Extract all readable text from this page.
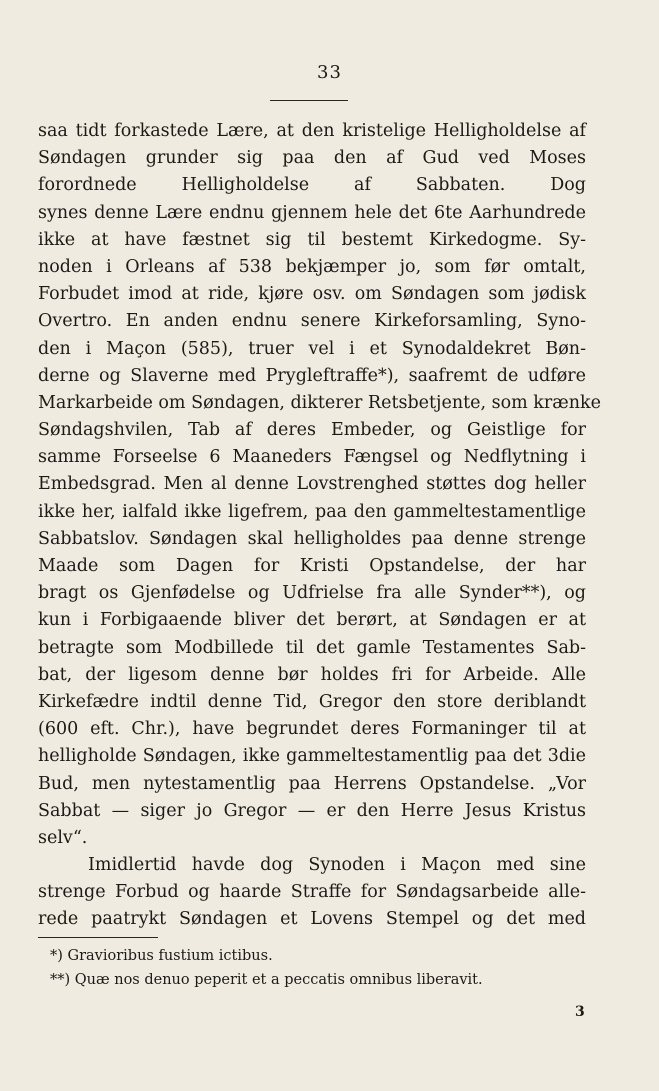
33
saa tidt forkastede Lære, at den kristelige Helligholdelse af
Søndagen grunder sig paa den af Gud ved Moses
forordnede Helligholdelse af Sabbaten. Dog
synes denne Lære endnu gjennem hele det 6te Aarhundrede
ikke at have fæstnet sig til bestemt Kirkedogme. Sy-
noden i Orleans af 538 bekjæmper jo, som før omtalt,
Forbudet imod at ride, kjøre osv. om Søndagen som jødisk
Overtro. En anden endnu senere Kirkeforsamling, Syno-
den i Maçon (585), truer vel i et Synodaldekret Bøn-
derne og Slaverne med Prygleftraffe*), saafremt de udføre
Markarbeide om Søndagen, dikterer Retsbetjente, som krænke
Søndagshvilen, Tab af deres Embeder, og Geistlige for
samme Forseelse 6 Maaneders Fængsel og Nedflytning i
Embedsgrad. Men al denne Lovstrenghed støttes dog heller
ikke her, ialfald ikke ligefrem, paa den gammeltestamentlige
Sabbatslov. Søndagen skal helligholdes paa denne strenge
Maade som Dagen for Kristi Opstandelse, der har
bragt os Gjenfødelse og Udfrielse fra alle Synder**), og
kun i Forbigaaende bliver det berørt, at Søndagen er at
betragte som Modbillede til det gamle Testamentes Sab-
bat, der ligesom denne bør holdes fri for Arbeide. Alle
Kirkefædre indtil denne Tid, Gregor den store deriblandt
(600 eft. Chr.), have begrundet deres Formaninger til at
helligholde Søndagen, ikke gammeltestamentlig paa det 3die
Bud, men nytestamentlig paa Herrens Opstandelse. „Vor
Sabbat — siger jo Gregor — er den Herre Jesus Kristus
selv“.
Imidlertid havde dog Synoden i Maçon med sine
strenge Forbud og haarde Straffe for Søndagsarbeide alle-
rede paatrykt Søndagen et Lovens Stempel og det med
*) Gravioribus fustium ictibus.
**) Quæ nos denuo peperit et a peccatis omnibus liberavit.
3
